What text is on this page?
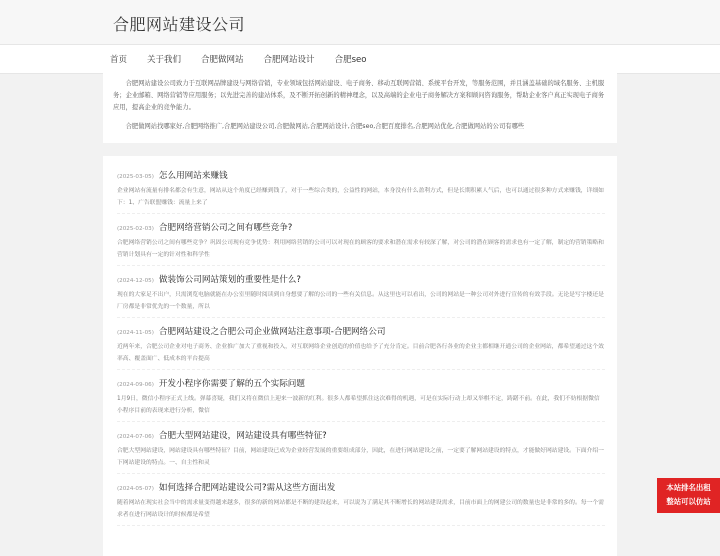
合肥网站建设公司
首页 关于我们 合肥做网站 合肥网站设计 合肥seo

合肥网站建设公司致力于互联网品牌建设与网络营销，专业领域包括网站建设、电子商务、移动互联网营销、系统平台开发，等服务范围，并且涵盖基础的域名服务、主机服务；企业邮箱、网络营销等应用服务；以先进完善的建站体系，及不断开拓创新的精神理念，以及高端的企业电子商务解决方案和顾问咨询服务，帮助企业客户真正实现电子商务应用，提高企业的竞争能力。

合肥做网站找哪家好,合肥网络推广,合肥网站建设公司,合肥做网站,合肥网站设计,合肥seo,合肥百度排名,合肥网站优化,合肥做网站的公司有哪些

(2025-03-05) 怎么用网站来赚钱

企业网站有流量有排名都会有生意，网站从这个角度已经赚到钱了，对于一些综合类的，公益性的网站，本身没有什么盈利方式，但是长期积累人气后，也可以通过很多种方式来赚钱，详细如下：1、广告联盟赚钱：流量上来了

(2025-02-03) 合肥网络营销公司之间有哪些竞争?

合肥网络营销公司之间有哪些竞争？巩固公司现有竞争优势：利用网络营销的公司可以对现在的顾客的要求和潜在需求有较深了解，对公司的潜在顾客的需求也有一定了解，制定的营销策略和营销计划具有一定的针对性和科学性

(2024-12-05) 做装饰公司网站策划的重要性是什么?

现在的大家足不出户，只需浏览电脑就能在办公室里随时阅读到自身想要了解的公司的一些有关信息。从这里也可以看出，公司的网站是一种公司对外进行宣传的有效手段。无论是写字楼还是厂房都是非常优先的一个数量，所以

(2024-11-05) 合肥网站建设之合肥公司企业做网站注意事项-合肥网络公司

近两年来，合肥公司企业对电子商务、企业推广加大了重视和投入，对互联网络企业创造的价值也给予了充分肯定。目前合肥各行各业的企业主都相继开通公司的企业网站，都希望通过这个效率高、覆盖面广、低成本的平台提高

(2024-09-06) 开发小程序你需要了解的五个实际问题

1月9日，微信小程序正式上线。弹幕喜疑，我们又将在微信上迎来一波新的红利。很多人都希望抓住这次难得的机遇，可是在实际行动上却又举棋不定，踌躇不前。在此，我们不妨根据微信小程序目前的表现来进行分析，微信

(2024-07-06) 合肥大型网站建设，网站建设具有哪些特征?

合肥大型网站建设，网站建设具有哪些特征？目前，网站建设已成为企业经营发展的重要组成部分，因此，在进行网站建设之前，一定要了解网站建设的特点，才能做好网站建设。下面介绍一下网站建设的特点。一、自主性和灵

(2024-05-07) 如何选择合肥网站建设公司?需从这些方面出发

随着网站在现实社会当中的需求量变得越来越多，很多的新的网站都是不断的建设起来，可以说为了满足其不断增长的网站建设需求，目前市面上的网建公司的数量也是非常的多的。每一个需求者在进行网站设计的时候都是希望

本站排名出租
整站可以仿站
